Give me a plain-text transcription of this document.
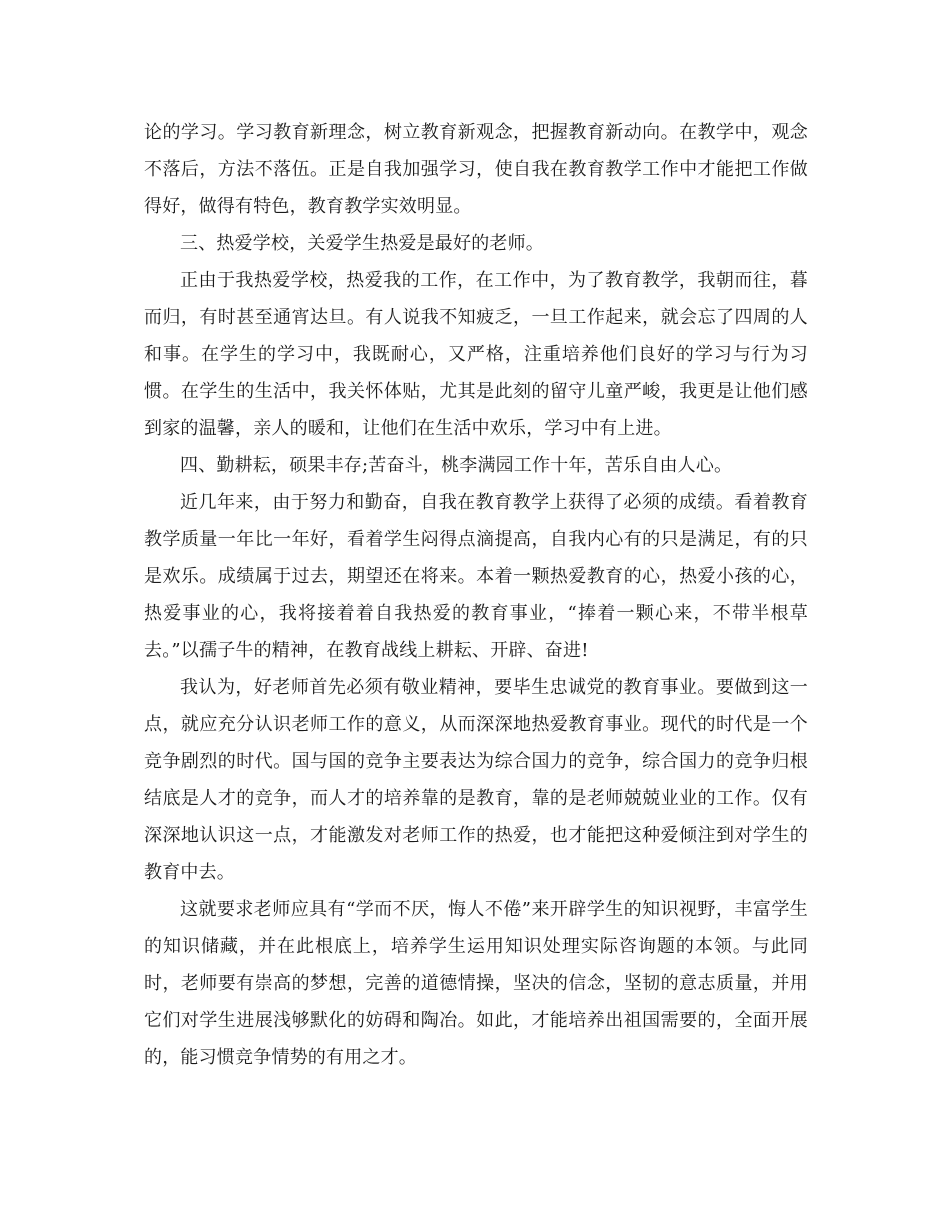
论的学习。学习教育新理念，树立教育新观念，把握教育新动向。在教学中，观念不落后，方法不落伍。正是自我加强学习，使自我在教育教学工作中才能把工作做得好，做得有特色，教育教学实效明显。

三、热爱学校，关爱学生热爱是最好的老师。

正由于我热爱学校，热爱我的工作，在工作中，为了教育教学，我朝而往，暮而归，有时甚至通宵达旦。有人说我不知疲乏，一旦工作起来，就会忘了四周的人和事。在学生的学习中，我既耐心，又严格，注重培养他们良好的学习与行为习惯。在学生的生活中，我关怀体贴，尤其是此刻的留守儿童严峻，我更是让他们感到家的温馨，亲人的暖和，让他们在生活中欢乐，学习中有上进。

四、勤耕耘，硕果丰存;苦奋斗，桃李满园工作十年，苦乐自由人心。

近几年来，由于努力和勤奋，自我在教育教学上获得了必须的成绩。看着教育教学质量一年比一年好，看着学生闷得点滴提高，自我内心有的只是满足，有的只是欢乐。成绩属于过去，期望还在将来。本着一颗热爱教育的心，热爱小孩的心，热爱事业的心，我将接着着自我热爱的教育事业，“捧着一颗心来，不带半根草去。”以孺子牛的精神，在教育战线上耕耘、开辟、奋进!

我认为，好老师首先必须有敬业精神，要毕生忠诚党的教育事业。要做到这一点，就应充分认识老师工作的意义，从而深深地热爱教育事业。现代的时代是一个竞争剧烈的时代。国与国的竞争主要表达为综合国力的竞争，综合国力的竞争归根结底是人才的竞争，而人才的培养靠的是教育，靠的是老师兢兢业业的工作。仅有深深地认识这一点，才能激发对老师工作的热爱，也才能把这种爱倾注到对学生的教育中去。

这就要求老师应具有“学而不厌，悔人不倦”来开辟学生的知识视野，丰富学生的知识储藏，并在此根底上，培养学生运用知识处理实际咨询题的本领。与此同时，老师要有崇高的梦想，完善的道德情操，坚决的信念，坚韧的意志质量，并用它们对学生进展浅够默化的妨碍和陶冶。如此，才能培养出祖国需要的，全面开展的，能习惯竞争情势的有用之才。
